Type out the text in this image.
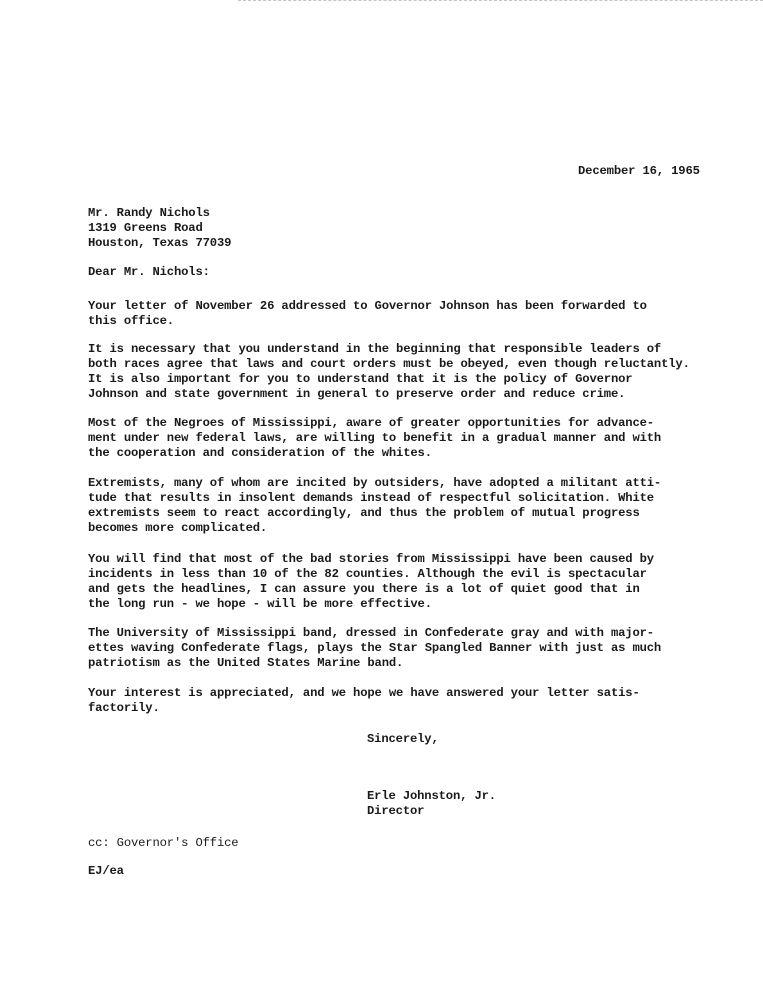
December 16, 1965
Mr. Randy Nichols
1319 Greens Road
Houston, Texas 77039
Dear Mr. Nichols:
Your letter of November 26 addressed to Governor Johnson has been forwarded to
this office.
It is necessary that you understand in the beginning that responsible leaders of
both races agree that laws and court orders must be obeyed, even though reluctantly.
It is also important for you to understand that it is the policy of Governor
Johnson and state government in general to preserve order and reduce crime.
Most of the Negroes of Mississippi, aware of greater opportunities for advance-
ment under new federal laws, are willing to benefit in a gradual manner and with
the cooperation and consideration of the whites.
Extremists, many of whom are incited by outsiders, have adopted a militant atti-
tude that results in insolent demands instead of respectful solicitation. White
extremists seem to react accordingly, and thus the problem of mutual progress
becomes more complicated.
You will find that most of the bad stories from Mississippi have been caused by
incidents in less than 10 of the 82 counties. Although the evil is spectacular
and gets the headlines, I can assure you there is a lot of quiet good that in
the long run - we hope - will be more effective.
The University of Mississippi band, dressed in Confederate gray and with major-
ettes waving Confederate flags, plays the Star Spangled Banner with just as much
patriotism as the United States Marine band.
Your interest is appreciated, and we hope we have answered your letter satis-
factorily.
Sincerely,
Erle Johnston, Jr.
Director
cc: Governor's Office
EJ/ea
